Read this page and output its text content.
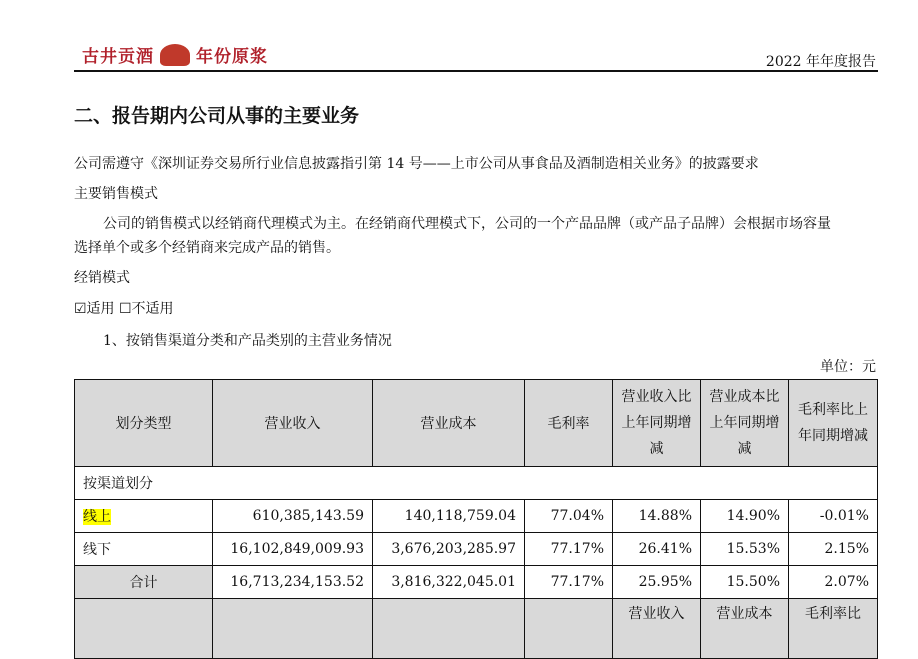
古井贡酒 年份原浆	2022 年年度报告
二、报告期内公司从事的主要业务
公司需遵守《深圳证券交易所行业信息披露指引第 14 号——上市公司从事食品及酒制造相关业务》的披露要求
主要销售模式
公司的销售模式以经销商代理模式为主。在经销商代理模式下，公司的一个产品品牌（或产品子品牌）会根据市场容量
选择单个或多个经销商来完成产品的销售。
经销模式
☑适用 ☐不适用
1、按销售渠道分类和产品类别的主营业务情况
单位：元
划分类型	营业收入	营业成本	毛利率	营业收入比上年同期增减	营业成本比上年同期增减	毛利率比上年同期增减
按渠道划分						
线上	610,385,143.59	140,118,759.04	77.04%	14.88%	14.90%	-0.01%
线下	16,102,849,009.93	3,676,203,285.97	77.17%	26.41%	15.53%	2.15%
合计	16,713,234,153.52	3,816,322,045.01	77.17%	25.95%	15.50%	2.07%
				营业收入	营业成本	毛利率比
